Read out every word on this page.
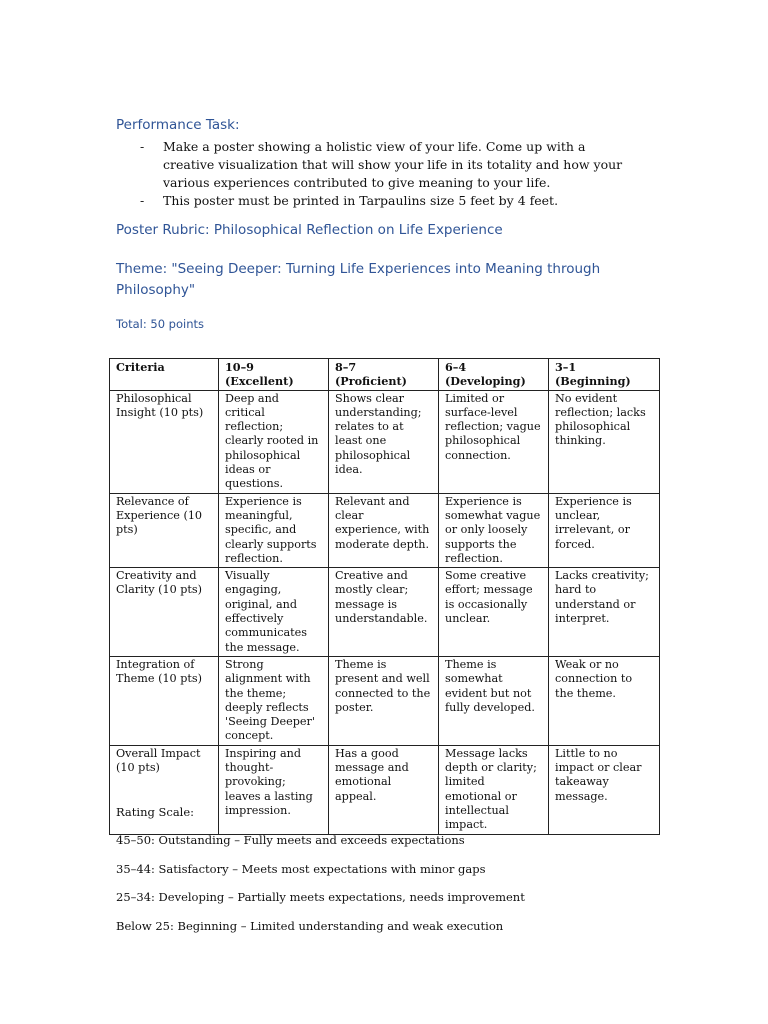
Performance Task:
- Make a poster showing a holistic view of your life. Come up with a creative visualization that will show your life in its totality and how your various experiences contributed to give meaning to your life.
- This poster must be printed in Tarpaulins size 5 feet by 4 feet.
Poster Rubric: Philosophical Reflection on Life Experience
Theme: "Seeing Deeper: Turning Life Experiences into Meaning through Philosophy"
Total: 50 points
Criteria	10–9 (Excellent)	8–7 (Proficient)	6–4 (Developing)	3–1 (Beginning)
Philosophical Insight (10 pts)	Deep and critical reflection; clearly rooted in philosophical ideas or questions.	Shows clear understanding; relates to at least one philosophical idea.	Limited or surface-level reflection; vague philosophical connection.	No evident reflection; lacks philosophical thinking.
Relevance of Experience (10 pts)	Experience is meaningful, specific, and clearly supports reflection.	Relevant and clear experience, with moderate depth.	Experience is somewhat vague or only loosely supports the reflection.	Experience is unclear, irrelevant, or forced.
Creativity and Clarity (10 pts)	Visually engaging, original, and effectively communicates the message.	Creative and mostly clear; message is understandable.	Some creative effort; message is occasionally unclear.	Lacks creativity; hard to understand or interpret.
Integration of Theme (10 pts)	Strong alignment with the theme; deeply reflects 'Seeing Deeper' concept.	Theme is present and well connected to the poster.	Theme is somewhat evident but not fully developed.	Weak or no connection to the theme.
Overall Impact (10 pts)	Inspiring and thought-provoking; leaves a lasting impression.	Has a good message and emotional appeal.	Message lacks depth or clarity; limited emotional or intellectual impact.	Little to no impact or clear takeaway message.

Rating Scale:

45–50: Outstanding – Fully meets and exceeds expectations

35–44: Satisfactory – Meets most expectations with minor gaps

25–34: Developing – Partially meets expectations, needs improvement

Below 25: Beginning – Limited understanding and weak execution
